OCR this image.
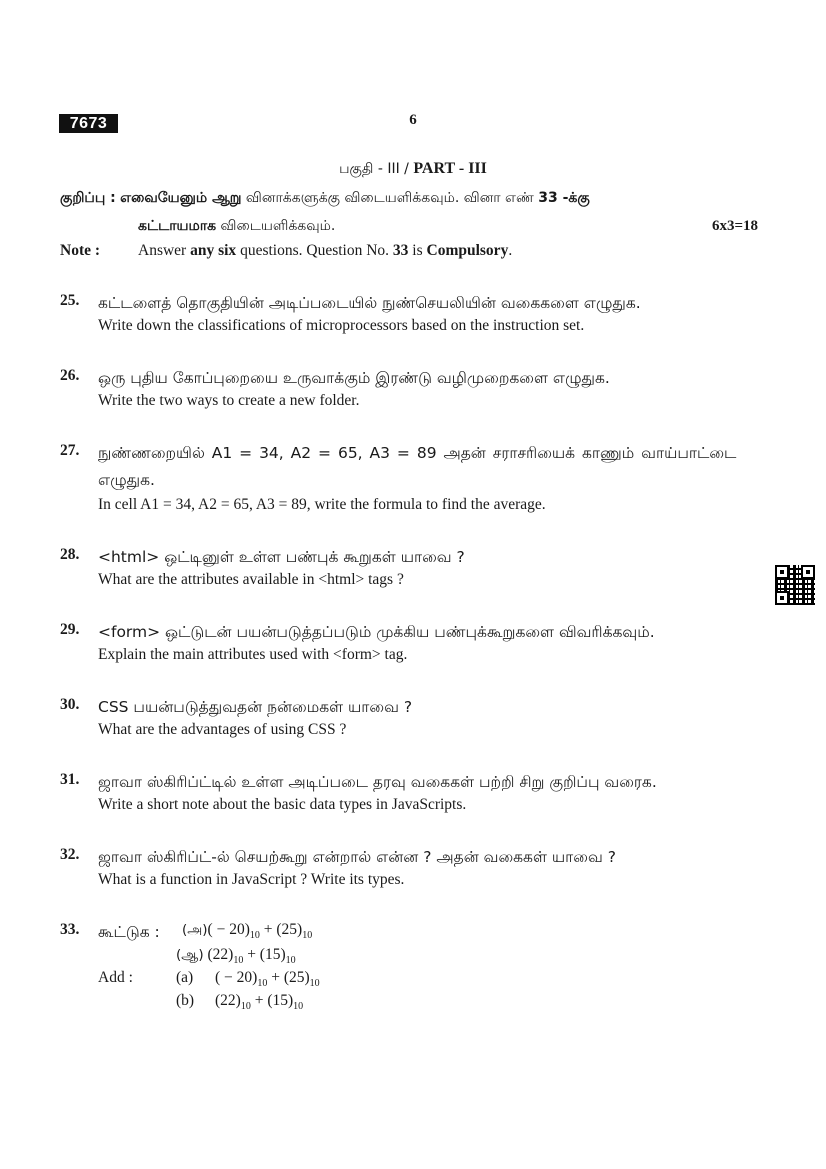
7673	6
பகுதி - III / PART - III
குறிப்பு : எவையேனும் ஆறு வினாக்களுக்கு விடையளிக்கவும். வினா எண் 33 -க்கு
கட்டாயமாக விடையளிக்கவும்.	6x3=18
Note : Answer any six questions. Question No. 33 is Compulsory.
25. கட்டளைத் தொகுதியின் அடிப்படையில் நுண்செயலியின் வகைகளை எழுதுக.
Write down the classifications of microprocessors based on the instruction set.
26. ஒரு புதிய கோப்புறையை உருவாக்கும் இரண்டு வழிமுறைகளை எழுதுக.
Write the two ways to create a new folder.
27. நுண்ணறையில் A1 = 34, A2 = 65, A3 = 89 அதன் சராசரியைக் காணும் வாய்பாட்டை
எழுதுக.
In cell A1 = 34, A2 = 65, A3 = 89, write the formula to find the average.
28. <html> ஒட்டினுள் உள்ள பண்புக் கூறுகள் யாவை ?
What are the attributes available in <html> tags ?
29. <form> ஒட்டுடன் பயன்படுத்தப்படும் முக்கிய பண்புக்கூறுகளை விவரிக்கவும்.
Explain the main attributes used with <form> tag.
30. CSS பயன்படுத்துவதன் நன்மைகள் யாவை ?
What are the advantages of using CSS ?
31. ஜாவா ஸ்கிரிப்ட்டில் உள்ள அடிப்படை தரவு வகைகள் பற்றி சிறு குறிப்பு வரைக.
Write a short note about the basic data types in JavaScripts.
32. ஜாவா ஸ்கிரிப்ட்-ல் செயற்கூறு என்றால் என்ன ? அதன் வகைகள் யாவை ?
What is a function in JavaScript ? Write its types.
33. கூட்டுக : (அ)( − $20)_{10} + (25)_{10}$
(ஆ) $(22)_{10} + (15)_{10}$
Add :	(a) ( − $20)_{10} + (25)_{10}$
(b) $(22)_{10} + (15)_{10}$
